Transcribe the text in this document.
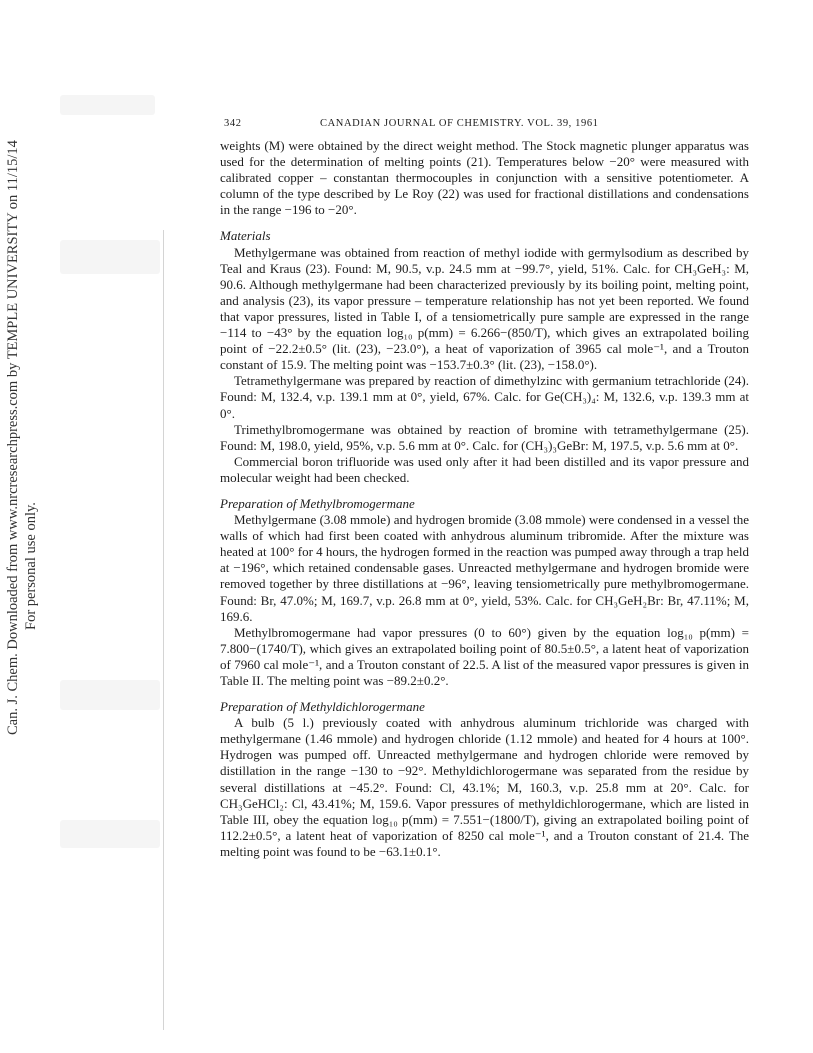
Can. J. Chem. Downloaded from www.nrcresearchpress.com by TEMPLE UNIVERSITY on 11/15/14 For personal use only.
342	CANADIAN JOURNAL OF CHEMISTRY. VOL. 39, 1961

weights (M) were obtained by the direct weight method. The Stock magnetic plunger apparatus was used for the determination of melting points (21). Temperatures below −20° were measured with calibrated copper – constantan thermocouples in conjunction with a sensitive potentiometer. A column of the type described by Le Roy (22) was used for fractional distillations and condensations in the range −196 to −20°.

Materials

Methylgermane was obtained from reaction of methyl iodide with germylsodium as described by Teal and Kraus (23). Found: M, 90.5, v.p. 24.5 mm at −99.7°, yield, 51%. Calc. for CH₃GeH₃: M, 90.6. Although methylgermane had been characterized previously by its boiling point, melting point, and analysis (23), its vapor pressure – temperature relationship has not yet been reported. We found that vapor pressures, listed in Table I, of a tensiometrically pure sample are expressed in the range −114 to −43° by the equation log₁₀ p(mm) = 6.266−(850/T), which gives an extrapolated boiling point of −22.2±0.5° (lit. (23), −23.0°), a heat of vaporization of 3965 cal mole⁻¹, and a Trouton constant of 15.9. The melting point was −153.7±0.3° (lit. (23), −158.0°).

Tetramethylgermane was prepared by reaction of dimethylzinc with germanium tetrachloride (24). Found: M, 132.4, v.p. 139.1 mm at 0°, yield, 67%. Calc. for Ge(CH₃)₄: M, 132.6, v.p. 139.3 mm at 0°.

Trimethylbromogermane was obtained by reaction of bromine with tetramethylgermane (25). Found: M, 198.0, yield, 95%, v.p. 5.6 mm at 0°. Calc. for (CH₃)₃GeBr: M, 197.5, v.p. 5.6 mm at 0°.

Commercial boron trifluoride was used only after it had been distilled and its vapor pressure and molecular weight had been checked.

Preparation of Methylbromogermane

Methylgermane (3.08 mmole) and hydrogen bromide (3.08 mmole) were condensed in a vessel the walls of which had first been coated with anhydrous aluminum tribromide. After the mixture was heated at 100° for 4 hours, the hydrogen formed in the reaction was pumped away through a trap held at −196°, which retained condensable gases. Unreacted methylgermane and hydrogen bromide were removed together by three distillations at −96°, leaving tensiometrically pure methylbromogermane. Found: Br, 47.0%; M, 169.7, v.p. 26.8 mm at 0°, yield, 53%. Calc. for CH₃GeH₂Br: Br, 47.11%; M, 169.6.

Methylbromogermane had vapor pressures (0 to 60°) given by the equation log₁₀ p(mm) = 7.800−(1740/T), which gives an extrapolated boiling point of 80.5±0.5°, a latent heat of vaporization of 7960 cal mole⁻¹, and a Trouton constant of 22.5. A list of the measured vapor pressures is given in Table II. The melting point was −89.2±0.2°.

Preparation of Methyldichlorogermane

A bulb (5 l.) previously coated with anhydrous aluminum trichloride was charged with methylgermane (1.46 mmole) and hydrogen chloride (1.12 mmole) and heated for 4 hours at 100°. Hydrogen was pumped off. Unreacted methylgermane and hydrogen chloride were removed by distillation in the range −130 to −92°. Methyldichlorogermane was separated from the residue by several distillations at −45.2°. Found: Cl, 43.1%; M, 160.3, v.p. 25.8 mm at 20°. Calc. for CH₃GeHCl₂: Cl, 43.41%; M, 159.6. Vapor pressures of methyldichlorogermane, which are listed in Table III, obey the equation log₁₀ p(mm) = 7.551−(1800/T), giving an extrapolated boiling point of 112.2±0.5°, a latent heat of vaporization of 8250 cal mole⁻¹, and a Trouton constant of 21.4. The melting point was found to be −63.1±0.1°.
